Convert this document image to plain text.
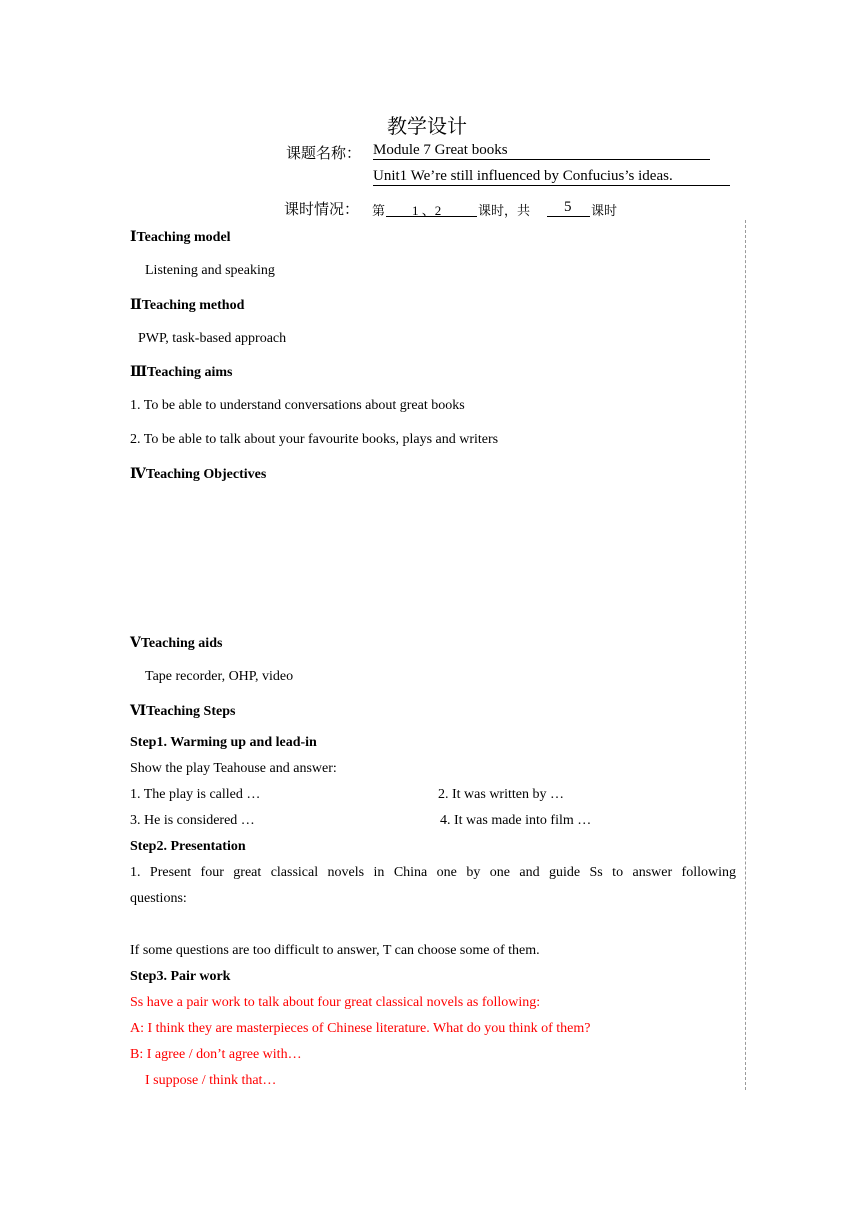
教学设计
课题名称： Module 7 Great books
Unit1 We’re still influenced by Confucius’s ideas.
课时情况： 第 1 、2	课时，共 5 课时
ⅠTeaching model
Listening and speaking
ⅡTeaching method
PWP, task-based approach
ⅢTeaching aims
1. To be able to understand conversations about great books
2. To be able to talk about your favourite books, plays and writers
ⅣTeaching Objectives
ⅤTeaching aids
Tape recorder, OHP, video
ⅥTeaching Steps
Step1. Warming up and lead-in
Show the play Teahouse and answer:
1. The play is called …	2. It was written by …
3. He is considered …	4. It was made into film …
Step2. Presentation
1. Present four great classical novels in China one by one and guide Ss to answer following
questions:
If some questions are too difficult to answer, T can choose some of them.
Step3. Pair work
Ss have a pair work to talk about four great classical novels as following:
A: I think they are masterpieces of Chinese literature. What do you think of them?
B: I agree / don’t agree with…
I suppose / think that…
